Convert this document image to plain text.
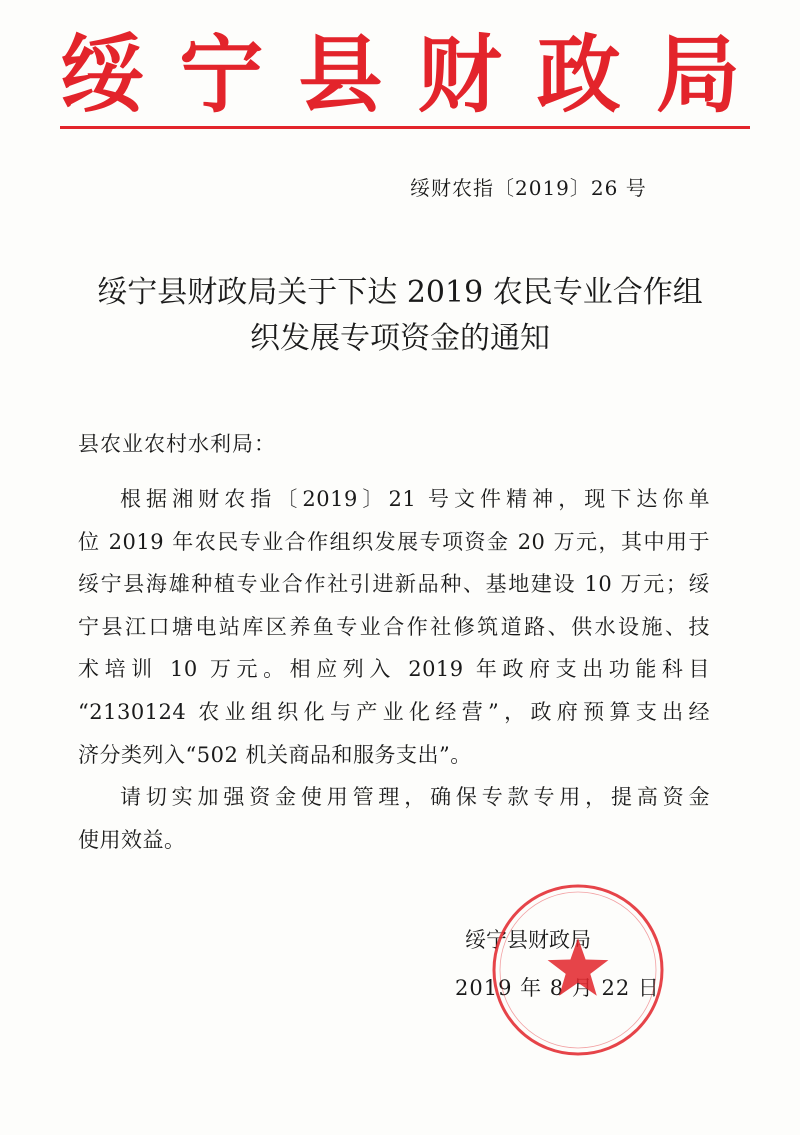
绥 宁 县 财 政 局
绥财农指〔2019〕26 号
绥宁县财政局关于下达 2019 农民专业合作组
织发展专项资金的通知
县农业农村水利局：
根据湘财农指〔2019〕21 号文件精神，现下达你单
位 2019 年农民专业合作组织发展专项资金 20 万元，其中用于
绥宁县海雄种植专业合作社引进新品种、基地建设 10 万元；绥
宁县江口塘电站库区养鱼专业合作社修筑道路、供水设施、技
术培训 10 万元。相应列入 2019 年政府支出功能科目
“2130124 农业组织化与产业化经营”，政府预算支出经
济分类列入“502 机关商品和服务支出”。
请切实加强资金使用管理，确保专款专用，提高资金
使用效益。
绥宁县财政局
2019 年 8 月 22 日
